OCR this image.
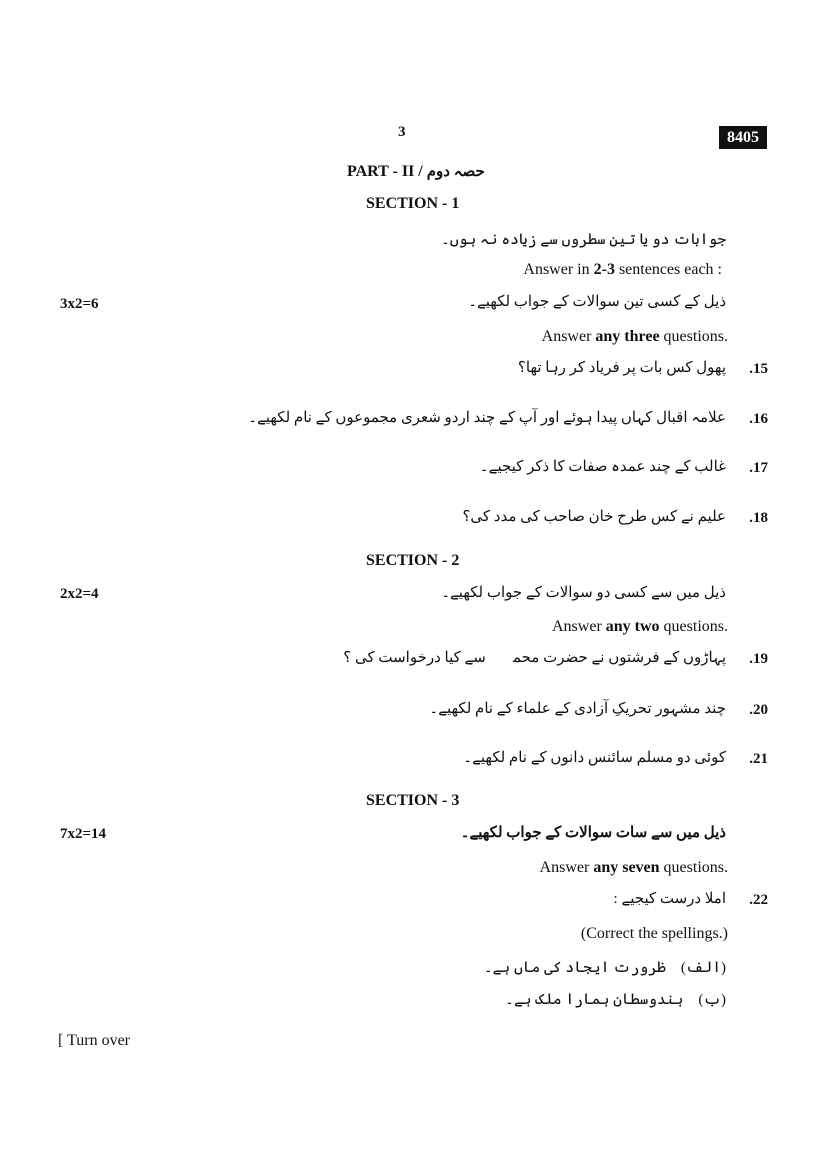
3	8405
PART - II / حصہ دوم
SECTION - 1
جوابات دو یا تین سطروں سے زیادہ نہ ہوں۔
Answer in 2-3 sentences each :
3x2=6	ذیل کے کسی تین سوالات کے جواب لکھیے۔
Answer any three questions.
.15
پھول کس بات پر فریاد کر رہا تھا؟
.16
علامہ اقبال کہاں پیدا ہوئے اور آپ کے چند اردو شعری مجموعوں کے نام لکھیے۔
.17
غالب کے چند عمدہ صفات کا ذکر کیجیے۔
.18
علیم نے کس طرح خان صاحب کی مدد کی؟
SECTION - 2
2x2=4	ذیل میں سے کسی دو سوالات کے جواب لکھیے۔
Answer any two questions.
.19
پہاڑوں کے فرشتوں نے حضرت محمدؐ سے کیا درخواست کی ؟
.20
چند مشہور تحریکِ آزادی کے علماء کے نام لکھیے۔
.21
کوئی دو مسلم سائنس دانوں کے نام لکھیے۔
SECTION - 3
7x2=14	ذیل میں سے سات سوالات کے جواب لکھیے۔
Answer any seven questions.
.22
املا درست کیجیے :
(Correct the spellings.)
(الف)    ظرورت ایجاد کی ماں ہے۔
(ب)    ہندوسطان ہمارا ملک ہے۔
[ Turn over
